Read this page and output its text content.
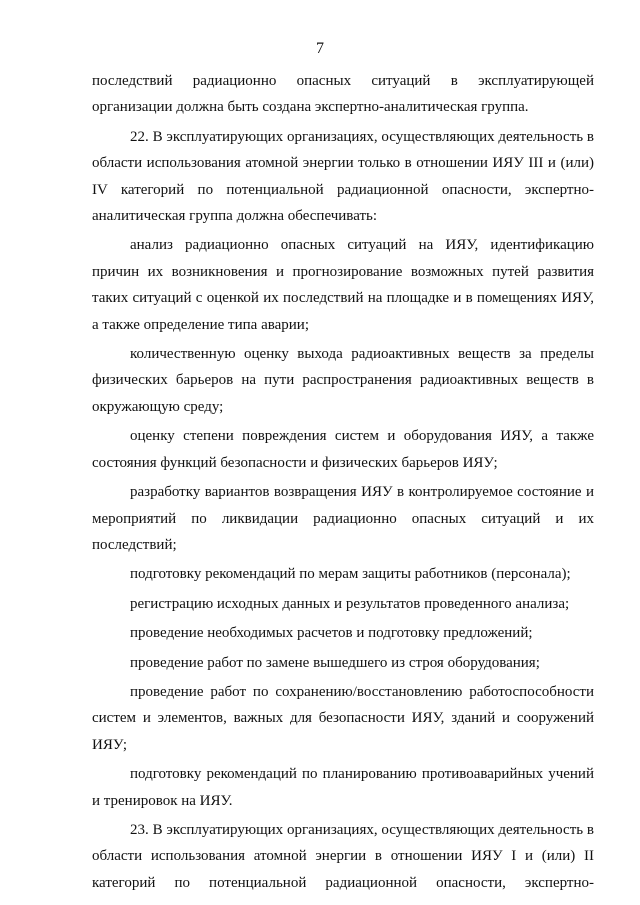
7

последствий радиационно опасных ситуаций в эксплуатирующей организации должна быть создана экспертно-аналитическая группа.

22. В эксплуатирующих организациях, осуществляющих деятельность в области использования атомной энергии только в отношении ИЯУ III и (или) IV категорий по потенциальной радиационной опасности, экспертно-аналитическая группа должна обеспечивать:

анализ радиационно опасных ситуаций на ИЯУ, идентификацию причин их возникновения и прогнозирование возможных путей развития таких ситуаций с оценкой их последствий на площадке и в помещениях ИЯУ, а также определение типа аварии;

количественную оценку выхода радиоактивных веществ за пределы физических барьеров на пути распространения радиоактивных веществ в окружающую среду;

оценку степени повреждения систем и оборудования ИЯУ, а также состояния функций безопасности и физических барьеров ИЯУ;

разработку вариантов возвращения ИЯУ в контролируемое состояние и мероприятий по ликвидации радиационно опасных ситуаций и их последствий;

подготовку рекомендаций по мерам защиты работников (персонала);

регистрацию исходных данных и результатов проведенного анализа;

проведение необходимых расчетов и подготовку предложений;

проведение работ по замене вышедшего из строя оборудования;

проведение работ по сохранению/восстановлению работоспособности систем и элементов, важных для безопасности ИЯУ, зданий и сооружений ИЯУ;

подготовку рекомендаций по планированию противоаварийных учений и тренировок на ИЯУ.

23. В эксплуатирующих организациях, осуществляющих деятельность в области использования атомной энергии в отношении ИЯУ I и (или) II категорий по потенциальной радиационной опасности, экспертно-
